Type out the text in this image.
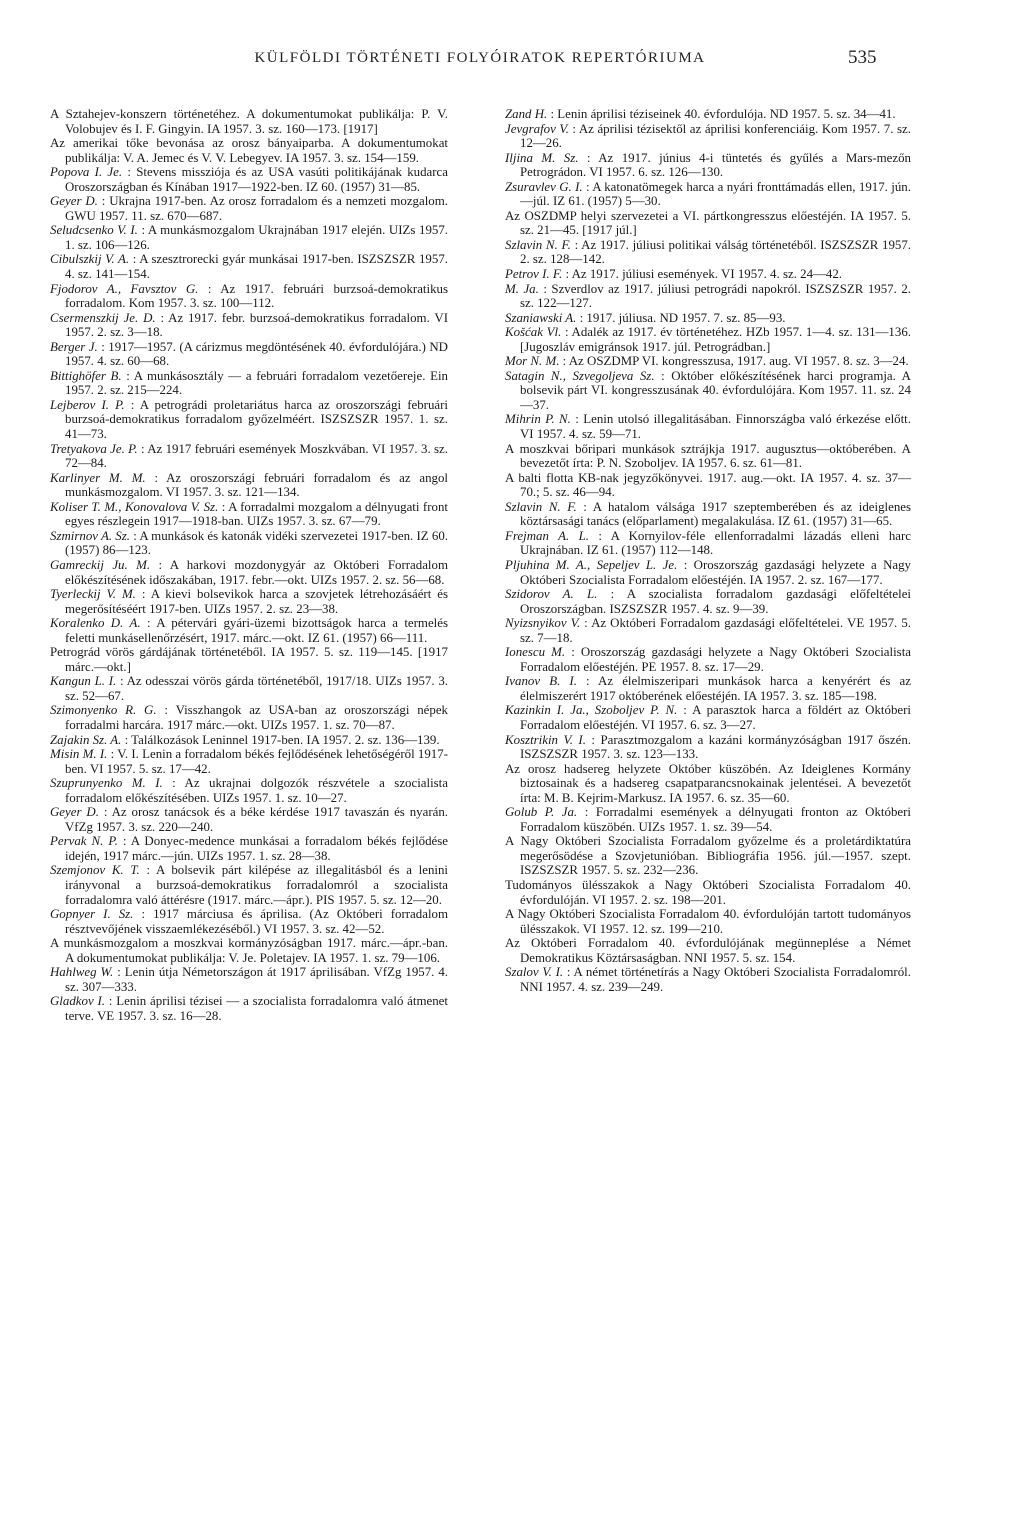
KÜLFÖLDI TÖRTÉNETI FOLYÓIRATOK REPERTÓRIUMA	535

A Sztahejev-konszern történetéhez. A dokumentumokat publikálja: P. V. Volobujev és I. F. Gingyin. IA 1957. 3. sz. 160—173. [1917]

Az amerikai tőke bevonása az orosz bányaiparba. A dokumentumokat publikálja: V. A. Jemec és V. V. Lebegyev. IA 1957. 3. sz. 154—159.

Popova I. Je. : Stevens missziója és az USA vasúti politikájának kudarca Oroszországban és Kínában 1917—1922-ben. IZ 60. (1957) 31—85.

Geyer D. : Ukrajna 1917-ben. Az orosz forradalom és a nemzeti mozgalom. GWU 1957. 11. sz. 670—687.

Seludcsenko V. I. : A munkásmozgalom Ukrajnában 1917 elején. UIZs 1957. 1. sz. 106—126.

Cibulszkij V. A. : A szesztrorecki gyár munkásai 1917-ben. ISZSZSZR 1957. 4. sz. 141—154.

Fjodorov A., Favsztov G. : Az 1917. februári burzsoá-demokratikus forradalom. Kom 1957. 3. sz. 100—112.

Csermenszkij Je. D. : Az 1917. febr. burzsoá-demokratikus forradalom. VI 1957. 2. sz. 3—18.

Berger J. : 1917—1957. (A cárizmus megdöntésének 40. évfordulójára.) ND 1957. 4. sz. 60—68.

Bittighöfer B. : A munkásosztály — a februári forradalom vezetőereje. Ein 1957. 2. sz. 215—224.

Lejberov I. P. : A petrográdi proletariátus harca az oroszországi februári burzsoá-demokratikus forradalom győzelméért. ISZSZSZR 1957. 1. sz. 41—73.

Tretyakova Je. P. : Az 1917 februári események Moszkvában. VI 1957. 3. sz. 72—84.

Karlinyer M. M. : Az oroszországi februári forradalom és az angol munkásmozgalom. VI 1957. 3. sz. 121—134.

Koliser T. M., Konovalova V. Sz. : A forradalmi mozgalom a délnyugati front egyes részlegein 1917—1918-ban. UIZs 1957. 3. sz. 67—79.

Szmirnov A. Sz. : A munkások és katonák vidéki szervezetei 1917-ben. IZ 60. (1957) 86—123.

Gamreckij Ju. M. : A harkovi mozdonygyár az Októberi Forradalom előkészítésének időszakában, 1917. febr.—okt. UIZs 1957. 2. sz. 56—68.

Tyerleckij V. M. : A kievi bolsevikok harca a szovjetek létrehozásáért és megerősítéséért 1917-ben. UIZs 1957. 2. sz. 23—38.

Koralenko D. A. : A pétervári gyári-üzemi bizottságok harca a termelés feletti munkásellenőrzésért, 1917. márc.—okt. IZ 61. (1957) 66—111.

Petrográd vörös gárdájának történetéből. IA 1957. 5. sz. 119—145. [1917 márc.—okt.]

Kangun L. I. : Az odesszai vörös gárda történetéből, 1917/18. UIZs 1957. 3. sz. 52—67.

Szimonyenko R. G. : Visszhangok az USA-ban az oroszországi népek forradalmi harcára. 1917 márc.—okt. UIZs 1957. 1. sz. 70—87.

Zajakin Sz. A. : Találkozások Leninnel 1917-ben. IA 1957. 2. sz. 136—139.

Misin M. I. : V. I. Lenin a forradalom békés fejlődésének lehetőségéről 1917-ben. VI 1957. 5. sz. 17—42.

Szuprunyenko M. I. : Az ukrajnai dolgozók részvétele a szocialista forradalom előkészítésében. UIZs 1957. 1. sz. 10—27.

Geyer D. : Az orosz tanácsok és a béke kérdése 1917 tavaszán és nyarán. VfZg 1957. 3. sz. 220—240.

Pervak N. P. : A Donyec-medence munkásai a forradalom békés fejlődése idején, 1917 márc.—jún. UIZs 1957. 1. sz. 28—38.

Szemjonov K. T. : A bolsevik párt kilépése az illegalitásból és a lenini irányvonal a burzsoá-demokratikus forradalomról a szocialista forradalomra való áttérésre (1917. márc.—ápr.). PIS 1957. 5. sz. 12—20.

Gopnyer I. Sz. : 1917 márciusa és áprilisa. (Az Októberi forradalom résztvevőjének visszaemlékezéséből.) VI 1957. 3. sz. 42—52.

A munkásmozgalom a moszkvai kormányzóságban 1917. márc.—ápr.-ban. A dokumentumokat publikálja: V. Je. Poletajev. IA 1957. 1. sz. 79—106.

Hahlweg W. : Lenin útja Németországon át 1917 áprilisában. VfZg 1957. 4. sz. 307—333.

Gladkov I. : Lenin áprilisi tézisei — a szocialista forradalomra való átmenet terve. VE 1957. 3. sz. 16—28.

Zand H. : Lenin áprilisi téziseinek 40. évfordulója. ND 1957. 5. sz. 34—41.

Jevgrafov V. : Az áprilisi tézisektől az áprilisi konferenciáig. Kom 1957. 7. sz. 12—26.

Iljina M. Sz. : Az 1917. június 4-i tüntetés és gyűlés a Mars-mezőn Petrográdon. VI 1957. 6. sz. 126—130.

Zsuravlev G. I. : A katonatömegek harca a nyári fronttámadás ellen, 1917. jún.—júl. IZ 61. (1957) 5—30.

Az OSZDMP helyi szervezetei a VI. pártkongresszus előestéjén. IA 1957. 5. sz. 21—45. [1917 júl.]

Szlavin N. F. : Az 1917. júliusi politikai válság történetéből. ISZSZSZR 1957. 2. sz. 128—142.

Petrov I. F. : Az 1917. júliusi események. VI 1957. 4. sz. 24—42.

M. Ja. : Szverdlov az 1917. júliusi petrográdi napokról. ISZSZSZR 1957. 2. sz. 122—127.

Szaniawski A. : 1917. júliusa. ND 1957. 7. sz. 85—93.

Košćak Vl. : Adalék az 1917. év történetéhez. HZb 1957. 1—4. sz. 131—136. [Jugoszláv emigránsok 1917. júl. Petrográdban.]

Mor N. M. : Az OSZDMP VI. kongresszusa, 1917. aug. VI 1957. 8. sz. 3—24.

Satagin N., Szvegoljeva Sz. : Október előkészítésének harci programja. A bolsevik párt VI. kongresszusának 40. évfordulójára. Kom 1957. 11. sz. 24—37.

Mihrin P. N. : Lenin utolsó illegalitásában. Finnországba való érkezése előtt. VI 1957. 4. sz. 59—71.

A moszkvai bőripari munkások sztrájkja 1917. augusztus—októberében. A bevezetőt írta: P. N. Szoboljev. IA 1957. 6. sz. 61—81.

A balti flotta KB-nak jegyzőkönyvei. 1917. aug.—okt. IA 1957. 4. sz. 37—70.; 5. sz. 46—94.

Szlavin N. F. : A hatalom válsága 1917 szeptemberében és az ideiglenes köztársasági tanács (előparlament) megalakulása. IZ 61. (1957) 31—65.

Frejman A. L. : A Kornyilov-féle ellenforradalmi lázadás elleni harc Ukrajnában. IZ 61. (1957) 112—148.

Pljuhina M. A., Sepeljev L. Je. : Oroszország gazdasági helyzete a Nagy Októberi Szocialista Forradalom előestéjén. IA 1957. 2. sz. 167—177.

Szidorov A. L. : A szocialista forradalom gazdasági előfeltételei Oroszországban. ISZSZSZR 1957. 4. sz. 9—39.

Nyizsnyikov V. : Az Októberi Forradalom gazdasági előfeltételei. VE 1957. 5. sz. 7—18.

Ionescu M. : Oroszország gazdasági helyzete a Nagy Októberi Szocialista Forradalom előestéjén. PE 1957. 8. sz. 17—29.

Ivanov B. I. : Az élelmiszeripari munkások harca a kenyérért és az élelmiszerért 1917 októberének előestéjén. IA 1957. 3. sz. 185—198.

Kazinkin I. Ja., Szoboljev P. N. : A parasztok harca a földért az Októberi Forradalom előestéjén. VI 1957. 6. sz. 3—27.

Kosztrikin V. I. : Parasztmozgalom a kazáni kormányzóságban 1917 őszén. ISZSZSZR 1957. 3. sz. 123—133.

Az orosz hadsereg helyzete Október küszöbén. Az Ideiglenes Kormány biztosainak és a hadsereg csapatparancsnokainak jelentései. A bevezetőt írta: M. B. Kejrim-Markusz. IA 1957. 6. sz. 35—60.

Golub P. Ja. : Forradalmi események a délnyugati fronton az Októberi Forradalom küszöbén. UIZs 1957. 1. sz. 39—54.

A Nagy Októberi Szocialista Forradalom győzelme és a proletárdiktatúra megerősödése a Szovjetunióban. Bibliográfia 1956. júl.—1957. szept. ISZSZSZR 1957. 5. sz. 232—236.

Tudományos ülésszakok a Nagy Októberi Szocialista Forradalom 40. évfordulóján. VI 1957. 2. sz. 198—201.

A Nagy Októberi Szocialista Forradalom 40. évfordulóján tartott tudományos ülésszakok. VI 1957. 12. sz. 199—210.

Az Októberi Forradalom 40. évfordulójának megünneplése a Német Demokratikus Köztársaságban. NNI 1957. 5. sz. 154.

Szalov V. I. : A német történetírás a Nagy Októberi Szocialista Forradalomról. NNI 1957. 4. sz. 239—249.
